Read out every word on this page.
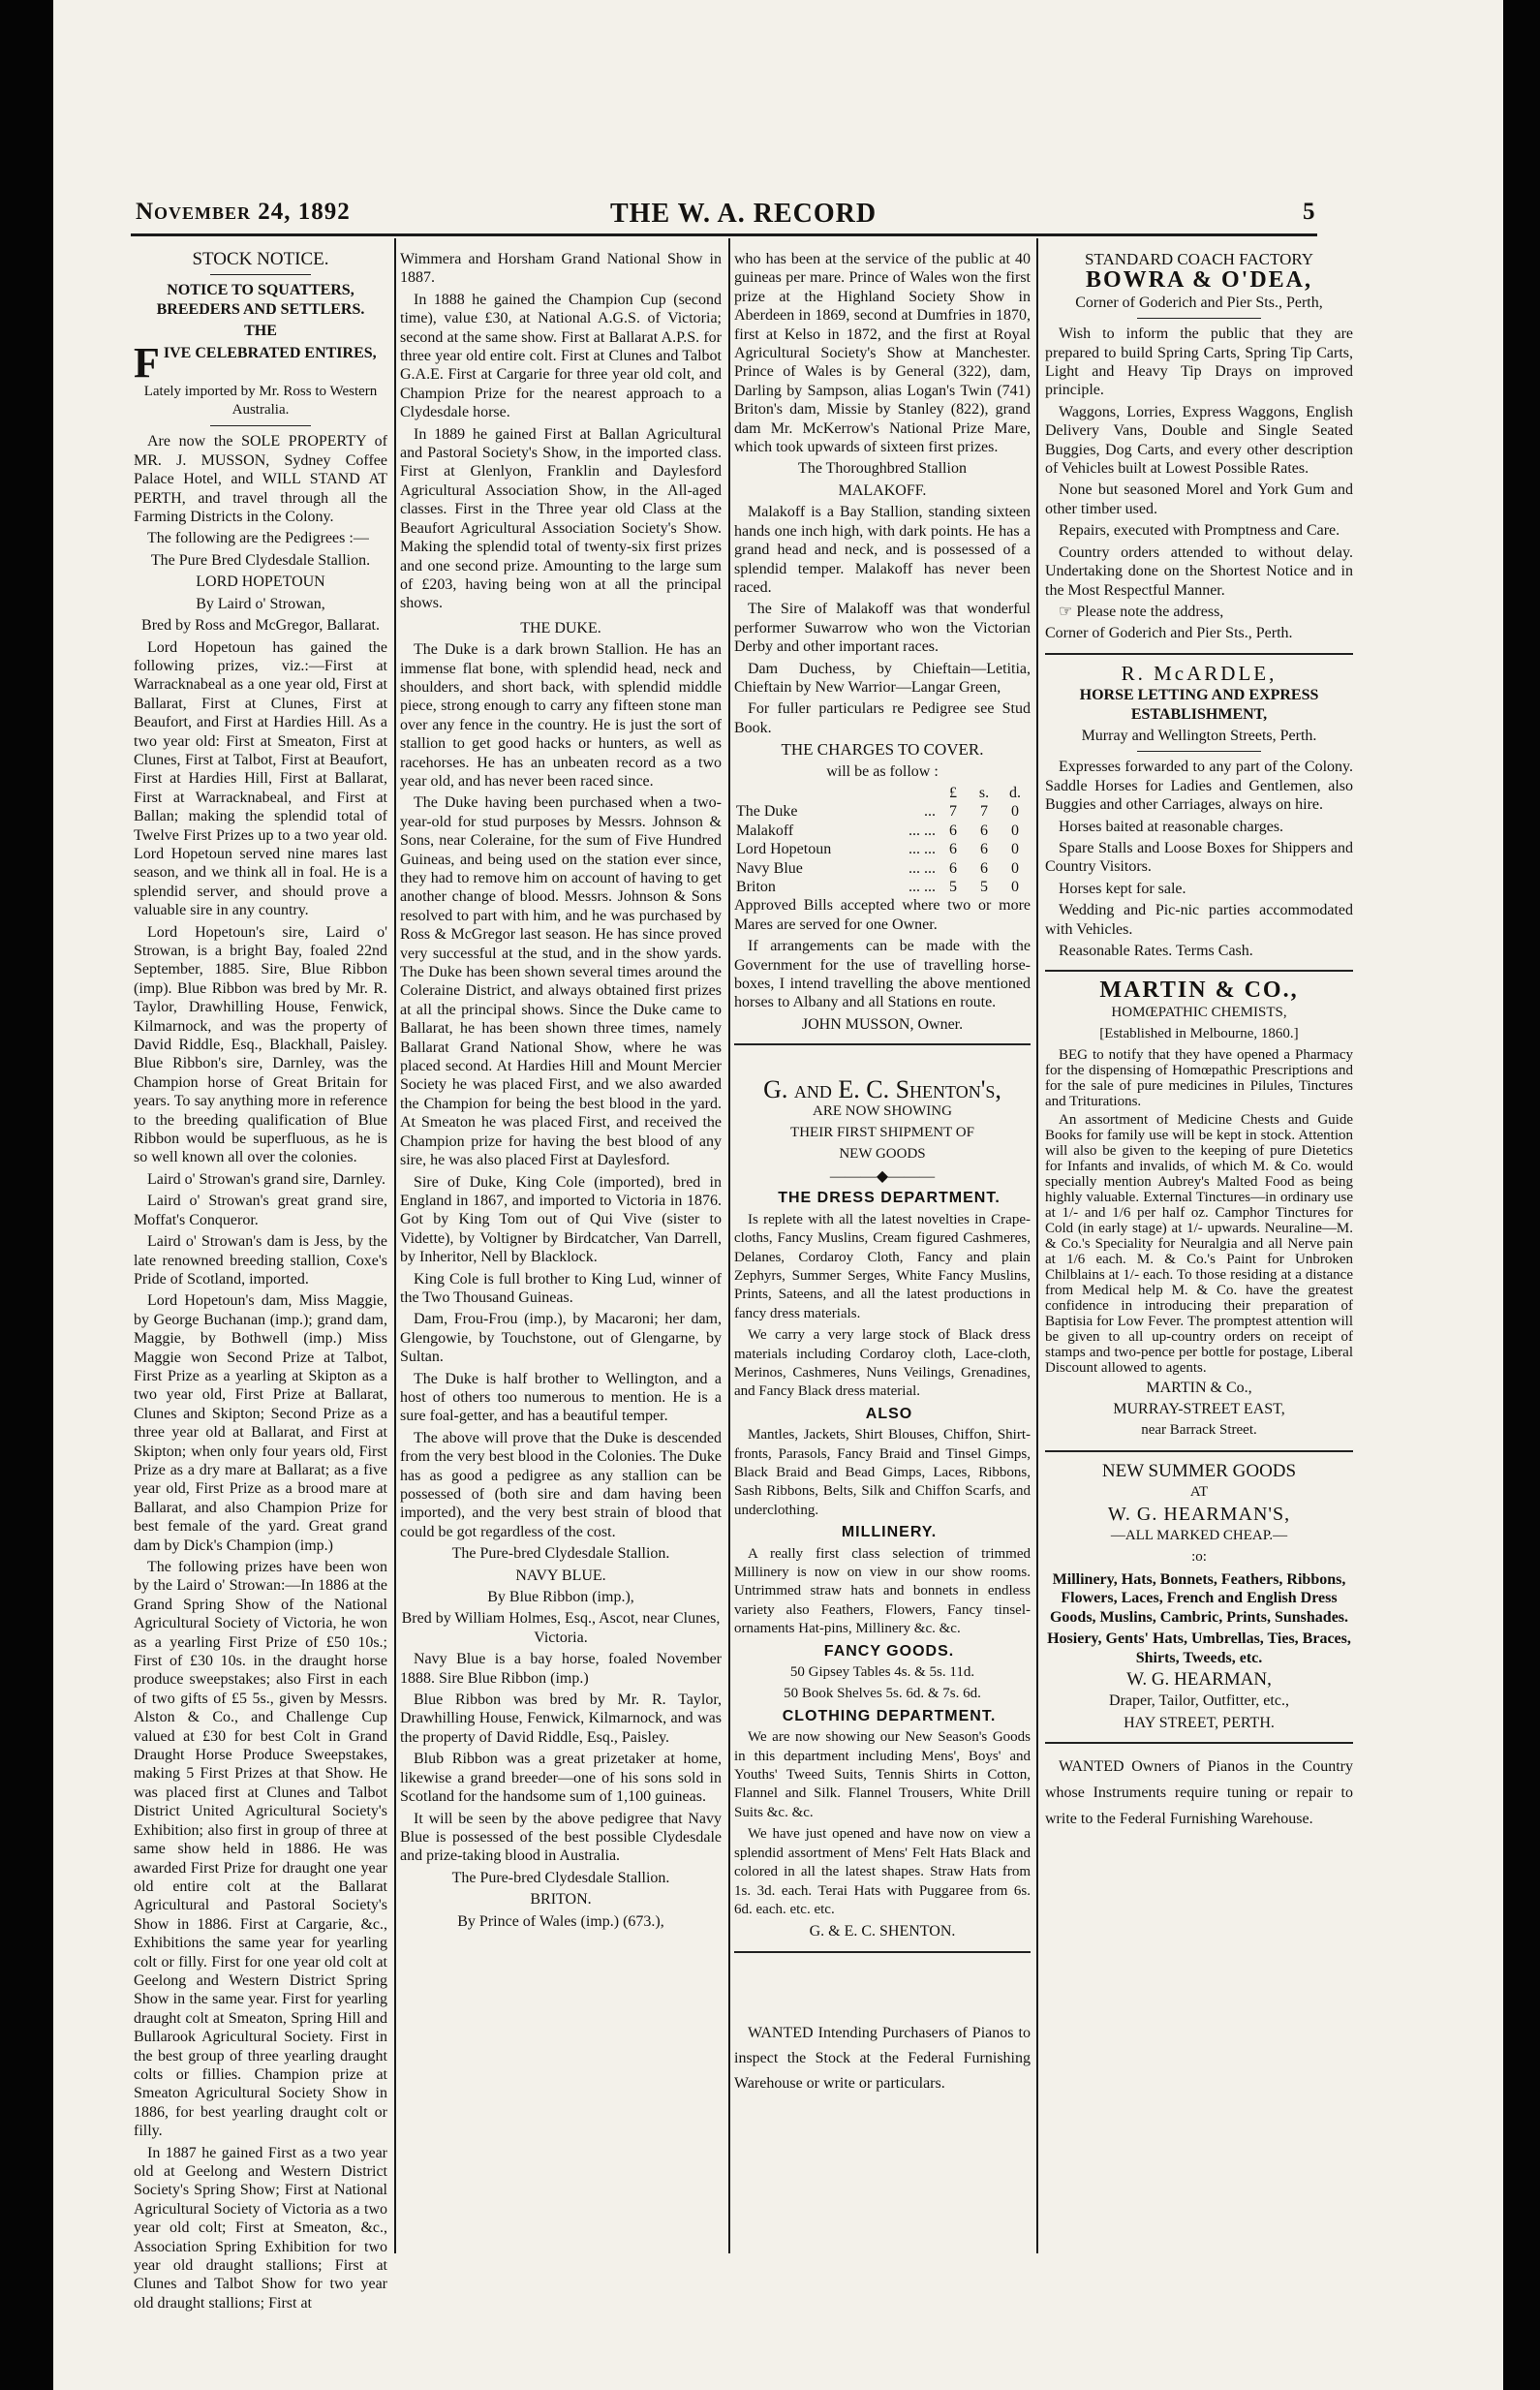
November 24, 1892	THE W. A. RECORD	5

STOCK NOTICE.

NOTICE TO SQUATTERS, BREEDERS AND SETTLERS.

THE

FIVE CELEBRATED ENTIRES,

Lately imported by Mr. Ross to Western Australia.

Are now the SOLE PROPERTY of MR. J. MUSSON, Sydney Coffee Palace Hotel, and WILL STAND AT PERTH, and travel through all the Farming Districts in the Colony.

The following are the Pedigrees :—

The Pure Bred Clydesdale Stallion.

LORD HOPETOUN

By Laird o' Strowan,

Bred by Ross and McGregor, Ballarat.

Lord Hopetoun has gained the following prizes, viz.:—First at Warracknabeal as a one year old, First at Ballarat, First at Clunes, First at Beaufort, and First at Hardies Hill. As a two year old: First at Smeaton, First at Clunes, First at Talbot, First at Beaufort, First at Hardies Hill, First at Ballarat, First at Warracknabeal, and First at Ballan; making the splendid total of Twelve First Prizes up to a two year old. Lord Hopetoun served nine mares last season, and we think all in foal. He is a splendid server, and should prove a valuable sire in any country.

Lord Hopetoun's sire, Laird o' Strowan, is a bright Bay, foaled 22nd September, 1885. Sire, Blue Ribbon (imp). Blue Ribbon was bred by Mr. R. Taylor, Drawhilling House, Fenwick, Kilmarnock, and was the property of David Riddle, Esq., Blackhall, Paisley. Blue Ribbon's sire, Darnley, was the Champion horse of Great Britain for years. To say anything more in reference to the breeding qualification of Blue Ribbon would be superfluous, as he is so well known all over the colonies.

Laird o' Strowan's grand sire, Darnley.

Laird o' Strowan's great grand sire, Moffat's Conqueror.

Laird o' Strowan's dam is Jess, by the late renowned breeding stallion, Coxe's Pride of Scotland, imported.

Lord Hopetoun's dam, Miss Maggie, by George Buchanan (imp.); grand dam, Maggie, by Bothwell (imp.) Miss Maggie won Second Prize at Talbot, First Prize as a yearling at Skipton as a two year old, First Prize at Ballarat, Clunes and Skipton; Second Prize as a three year old at Ballarat, and First at Skipton; when only four years old, First Prize as a dry mare at Ballarat; as a five year old, First Prize as a brood mare at Ballarat, and also Champion Prize for best female of the yard. Great grand dam by Dick's Champion (imp.)

The following prizes have been won by the Laird o' Strowan:—In 1886 at the Grand Spring Show of the National Agricultural Society of Victoria, he won as a yearling First Prize of £50 10s.; First of £30 10s. in the draught horse produce sweepstakes; also First in each of two gifts of £5 5s., given by Messrs. Alston & Co., and Challenge Cup valued at £30 for best Colt in Grand Draught Horse Produce Sweepstakes, making 5 First Prizes at that Show. He was placed first at Clunes and Talbot District United Agricultural Society's Exhibition; also first in group of three at same show held in 1886. He was awarded First Prize for draught one year old entire colt at the Ballarat Agricultural and Pastoral Society's Show in 1886. First at Cargarie, &c., Exhibitions the same year for yearling colt or filly. First for one year old colt at Geelong and Western District Spring Show in the same year. First for yearling draught colt at Smeaton, Spring Hill and Bullarook Agricultural Society. First in the best group of three yearling draught colts or fillies. Champion prize at Smeaton Agricultural Society Show in 1886, for best yearling draught colt or filly.

In 1887 he gained First as a two year old at Geelong and Western District Society's Spring Show; First at National Agricultural Society of Victoria as a two year old colt; First at Smeaton, &c., Association Spring Exhibition for two year old draught stallions; First at Clunes and Talbot Show for two year old draught stallions; First at

Wimmera and Horsham Grand National Show in 1887.

In 1888 he gained the Champion Cup (second time), value £30, at National A.G.S. of Victoria; second at the same show. First at Ballarat A.P.S. for three year old entire colt. First at Clunes and Talbot G.A.E. First at Cargarie for three year old colt, and Champion Prize for the nearest approach to a Clydesdale horse.

In 1889 he gained First at Ballan Agricultural and Pastoral Society's Show, in the imported class. First at Glenlyon, Franklin and Daylesford Agricultural Association Show, in the All-aged classes. First in the Three year old Class at the Beaufort Agricultural Association Society's Show. Making the splendid total of twenty-six first prizes and one second prize. Amounting to the large sum of £203, having being won at all the principal shows.

THE DUKE.

The Duke is a dark brown Stallion. He has an immense flat bone, with splendid head, neck and shoulders, and short back, with splendid middle piece, strong enough to carry any fifteen stone man over any fence in the country. He is just the sort of stallion to get good hacks or hunters, as well as racehorses. He has an unbeaten record as a two year old, and has never been raced since.

The Duke having been purchased when a two-year-old for stud purposes by Messrs. Johnson & Sons, near Coleraine, for the sum of Five Hundred Guineas, and being used on the station ever since, they had to remove him on account of having to get another change of blood. Messrs. Johnson & Sons resolved to part with him, and he was purchased by Ross & McGregor last season. He has since proved very successful at the stud, and in the show yards. The Duke has been shown several times around the Coleraine District, and always obtained first prizes at all the principal shows. Since the Duke came to Ballarat, he has been shown three times, namely Ballarat Grand National Show, where he was placed second. At Hardies Hill and Mount Mercier Society he was placed First, and we also awarded the Champion for being the best blood in the yard. At Smeaton he was placed First, and received the Champion prize for having the best blood of any sire, he was also placed First at Daylesford.

Sire of Duke, King Cole (imported), bred in England in 1867, and imported to Victoria in 1876. Got by King Tom out of Qui Vive (sister to Vidette), by Voltigner by Birdcatcher, Van Darrell, by Inheritor, Nell by Blacklock.

King Cole is full brother to King Lud, winner of the Two Thousand Guineas.

Dam, Frou-Frou (imp.), by Macaroni; her dam, Glengowie, by Touchstone, out of Glengarne, by Sultan.

The Duke is half brother to Wellington, and a host of others too numerous to mention. He is a sure foal-getter, and has a beautiful temper.

The above will prove that the Duke is descended from the very best blood in the Colonies. The Duke has as good a pedigree as any stallion can be possessed of (both sire and dam having been imported), and the very best strain of blood that could be got regardless of the cost.

The Pure-bred Clydesdale Stallion.

NAVY BLUE.

By Blue Ribbon (imp.),

Bred by William Holmes, Esq., Ascot, near Clunes, Victoria.

Navy Blue is a bay horse, foaled November 1888. Sire Blue Ribbon (imp.)

Blue Ribbon was bred by Mr. R. Taylor, Drawhilling House, Fenwick, Kilmarnock, and was the property of David Riddle, Esq., Paisley.

Blub Ribbon was a great prizetaker at home, likewise a grand breeder—one of his sons sold in Scotland for the handsome sum of 1,100 guineas.

It will be seen by the above pedigree that Navy Blue is possessed of the best possible Clydesdale and prize-taking blood in Australia.

The Pure-bred Clydesdale Stallion.

BRITON.

By Prince of Wales (imp.) (673.),

who has been at the service of the public at 40 guineas per mare. Prince of Wales won the first prize at the Highland Society Show in Aberdeen in 1869, second at Dumfries in 1870, first at Kelso in 1872, and the first at Royal Agricultural Society's Show at Manchester. Prince of Wales is by General (322), dam, Darling by Sampson, alias Logan's Twin (741) Briton's dam, Missie by Stanley (822), grand dam Mr. McKerrow's National Prize Mare, which took upwards of sixteen first prizes.

The Thoroughbred Stallion

MALAKOFF.

Malakoff is a Bay Stallion, standing sixteen hands one inch high, with dark points. He has a grand head and neck, and is possessed of a splendid temper. Malakoff has never been raced.

The Sire of Malakoff was that wonderful performer Suwarrow who won the Victorian Derby and other important races.

Dam Duchess, by Chieftain—Letitia, Chieftain by New Warrior—Langar Green,

For fuller particulars re Pedigree see Stud Book.

THE CHARGES TO COVER.

will be as follow :

		£	s.	d.
The Duke	...	7	7	0
Malakoff	... ...	6	6	0
Lord Hopetoun	... ...	6	6	0
Navy Blue	... ...	6	6	0
Briton	... ...	5	5	0

Approved Bills accepted where two or more Mares are served for one Owner.

If arrangements can be made with the Government for the use of travelling horse-boxes, I intend travelling the above mentioned horses to Albany and all Stations en route.

JOHN MUSSON, Owner.

G. and E. C. Shenton's,

ARE NOW SHOWING

THEIR FIRST SHIPMENT OF

NEW GOODS

———◆———

THE DRESS DEPARTMENT.

Is replete with all the latest novelties in Crape-cloths, Fancy Muslins, Cream figured Cashmeres, Delanes, Cordaroy Cloth, Fancy and plain Zephyrs, Summer Serges, White Fancy Muslins, Prints, Sateens, and all the latest productions in fancy dress materials.

We carry a very large stock of Black dress materials including Cordaroy cloth, Lace-cloth, Merinos, Cashmeres, Nuns Veilings, Grenadines, and Fancy Black dress material.

ALSO

Mantles, Jackets, Shirt Blouses, Chiffon, Shirt-fronts, Parasols, Fancy Braid and Tinsel Gimps, Black Braid and Bead Gimps, Laces, Ribbons, Sash Ribbons, Belts, Silk and Chiffon Scarfs, and underclothing.

MILLINERY.

A really first class selection of trimmed Millinery is now on view in our show rooms. Untrimmed straw hats and bonnets in endless variety also Feathers, Flowers, Fancy tinsel-ornaments Hat-pins, Millinery &c. &c.

FANCY GOODS.

50 Gipsey Tables 4s. & 5s. 11d.

50 Book Shelves 5s. 6d. & 7s. 6d.

CLOTHING DEPARTMENT.

We are now showing our New Season's Goods in this department including Mens', Boys' and Youths' Tweed Suits, Tennis Shirts in Cotton, Flannel and Silk. Flannel Trousers, White Drill Suits &c. &c.

We have just opened and have now on view a splendid assortment of Mens' Felt Hats Black and colored in all the latest shapes. Straw Hats from 1s. 3d. each. Terai Hats with Puggaree from 6s. 6d. each. etc. etc.

G. & E. C. SHENTON.

WANTED Intending Purchasers of Pianos to inspect the Stock at the Federal Furnishing Warehouse or write or particulars.

STANDARD COACH FACTORY

BOWRA & O'DEA,

Corner of Goderich and Pier Sts., Perth,

Wish to inform the public that they are prepared to build Spring Carts, Spring Tip Carts, Light and Heavy Tip Drays on improved principle.

Waggons, Lorries, Express Waggons, English Delivery Vans, Double and Single Seated Buggies, Dog Carts, and every other description of Vehicles built at Lowest Possible Rates.

None but seasoned Morel and York Gum and other timber used.

Repairs, executed with Promptness and Care.

Country orders attended to without delay. Undertaking done on the Shortest Notice and in the Most Respectful Manner.

☞ Please note the address,

Corner of Goderich and Pier Sts., Perth.

R. McARDLE,

HORSE LETTING AND EXPRESS ESTABLISHMENT,

Murray and Wellington Streets, Perth.

Expresses forwarded to any part of the Colony. Saddle Horses for Ladies and Gentlemen, also Buggies and other Carriages, always on hire.

Horses baited at reasonable charges.

Spare Stalls and Loose Boxes for Shippers and Country Visitors.

Horses kept for sale.

Wedding and Pic-nic parties accommodated with Vehicles.

Reasonable Rates. Terms Cash.

MARTIN & CO.,

HOMŒPATHIC CHEMISTS,

[Established in Melbourne, 1860.]

BEG to notify that they have opened a Pharmacy for the dispensing of Homœpathic Prescriptions and for the sale of pure medicines in Pilules, Tinctures and Triturations.

An assortment of Medicine Chests and Guide Books for family use will be kept in stock. Attention will also be given to the keeping of pure Dietetics for Infants and invalids, of which M. & Co. would specially mention Aubrey's Malted Food as being highly valuable. External Tinctures—in ordinary use at 1/- and 1/6 per half oz. Camphor Tinctures for Cold (in early stage) at 1/- upwards. Neuraline—M. & Co.'s Speciality for Neuralgia and all Nerve pain at 1/6 each. M. & Co.'s Paint for Unbroken Chilblains at 1/- each. To those residing at a distance from Medical help M. & Co. have the greatest confidence in introducing their preparation of Baptisia for Low Fever. The promptest attention will be given to all up-country orders on receipt of stamps and two-pence per bottle for postage, Liberal Discount allowed to agents.

MARTIN & Co.,

MURRAY-STREET EAST,

near Barrack Street.

NEW SUMMER GOODS

AT

W. G. HEARMAN'S,

—ALL MARKED CHEAP.—

:o:

Millinery, Hats, Bonnets, Feathers, Ribbons, Flowers, Laces, French and English Dress Goods, Muslins, Cambric, Prints, Sunshades.

Hosiery, Gents' Hats, Umbrellas, Ties, Braces, Shirts, Tweeds, etc.

W. G. HEARMAN,

Draper, Tailor, Outfitter, etc.,

HAY STREET, PERTH.

WANTED Owners of Pianos in the Country whose Instruments require tuning or repair to write to the Federal Furnishing Warehouse.
